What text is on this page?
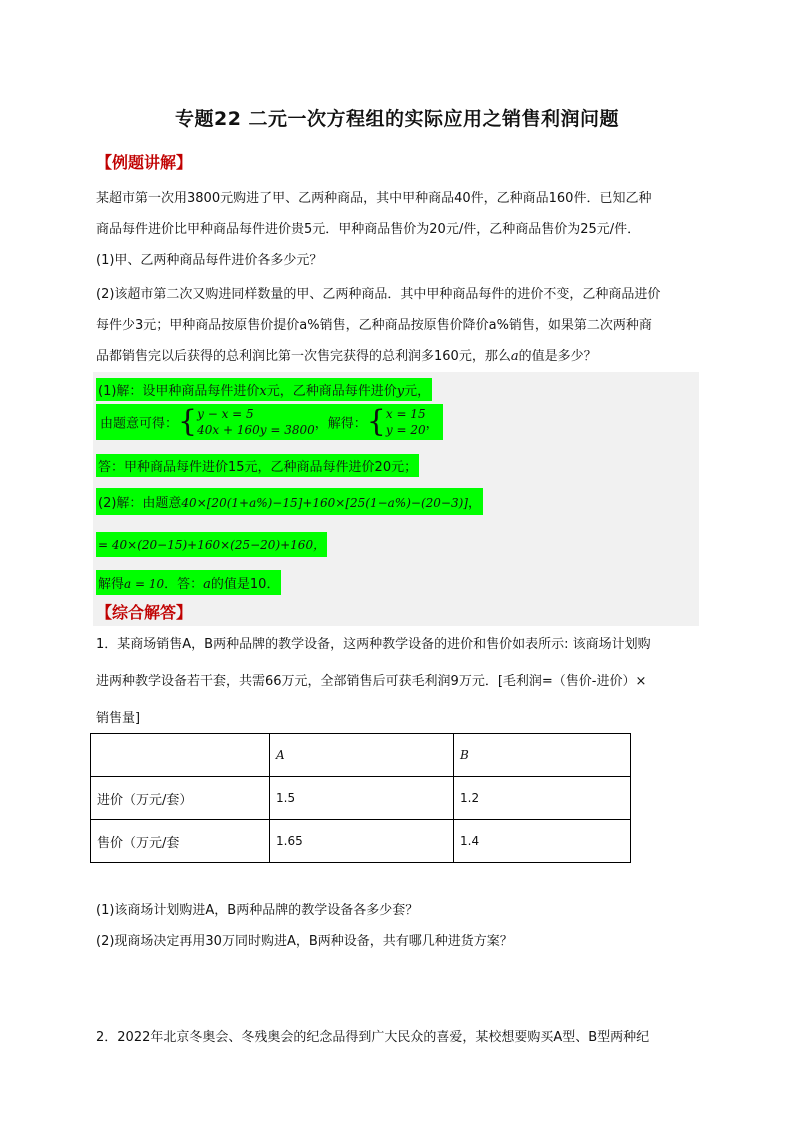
专题22 二元一次方程组的实际应用之销售利润问题
【例题讲解】
某超市第一次用3800元购进了甲、乙两种商品，其中甲种商品40件，乙种商品160件．已知乙种
商品每件进价比甲种商品每件进价贵5元．甲种商品售价为20元/件，乙种商品售价为25元/件．
(1)甲、乙两种商品每件进价各多少元？
(2)该超市第二次又购进同样数量的甲、乙两种商品．其中甲种商品每件的进价不变，乙种商品进价
每件少3元；甲种商品按原售价提价a%销售，乙种商品按原售价降价a%销售，如果第二次两种商
品都销售完以后获得的总利润比第一次售完获得的总利润多160元，那么a的值是多少？
(1)解：设甲种商品每件进价x元，乙种商品每件进价y元，
由题意可得：{y − x = 5
40x + 160y = 3800，解得：{x = 15
y = 20，
答：甲种商品每件进价15元，乙种商品每件进价20元；
(2)解：由题意40×[20(1+a%)−15]+160×[25(1−a%)−(20−3)]，
= 40×(20−15)+160×(25−20)+160，
解得a = 10．答：a的值是10．
【综合解答】
1．某商场销售A，B两种品牌的教学设备，这两种教学设备的进价和售价如表所示: 该商场计划购
进两种教学设备若干套，共需66万元，全部销售后可获毛利润9万元．[毛利润=（售价-进价）×
销售量]
	A	B
进价（万元/套）	1.5	1.2
售价（万元/套	1.65	1.4
(1)该商场计划购进A，B两种品牌的教学设备各多少套？
(2)现商场决定再用30万同时购进A，B两种设备，共有哪几种进货方案？
2．2022年北京冬奥会、冬残奥会的纪念品得到广大民众的喜爱，某校想要购买A型、B型两种纪
